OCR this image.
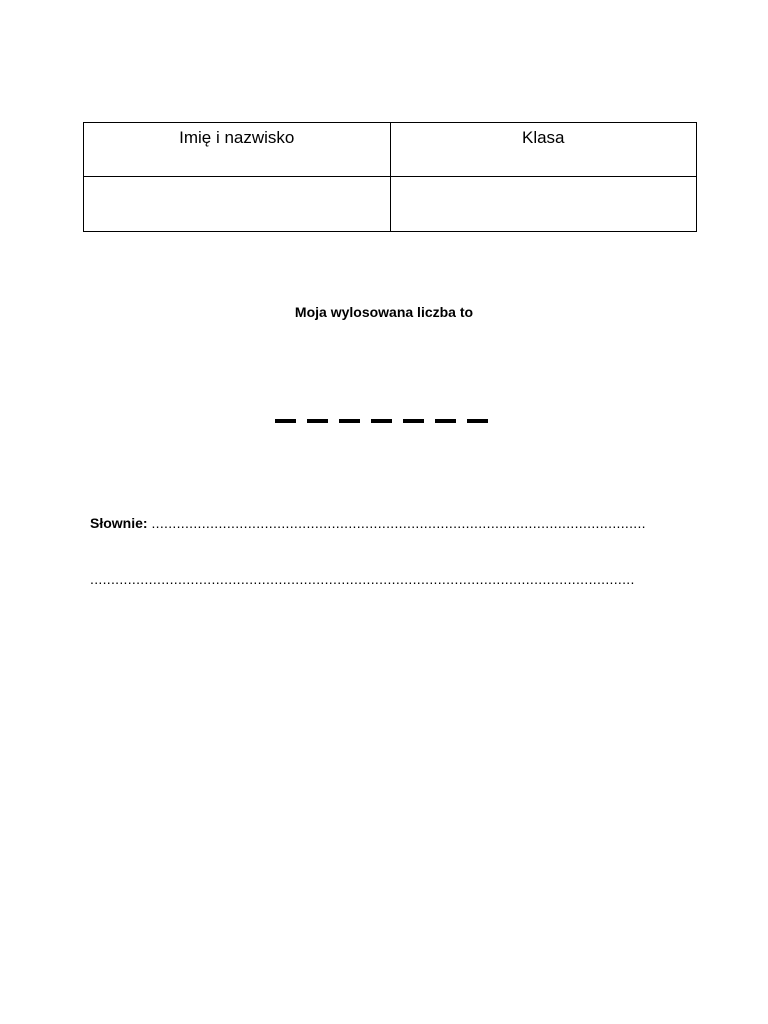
Imię i nazwisko	Klasa

Moja wylosowana liczba to
Słownie: ......................................................................................................................
..................................................................................................................................
